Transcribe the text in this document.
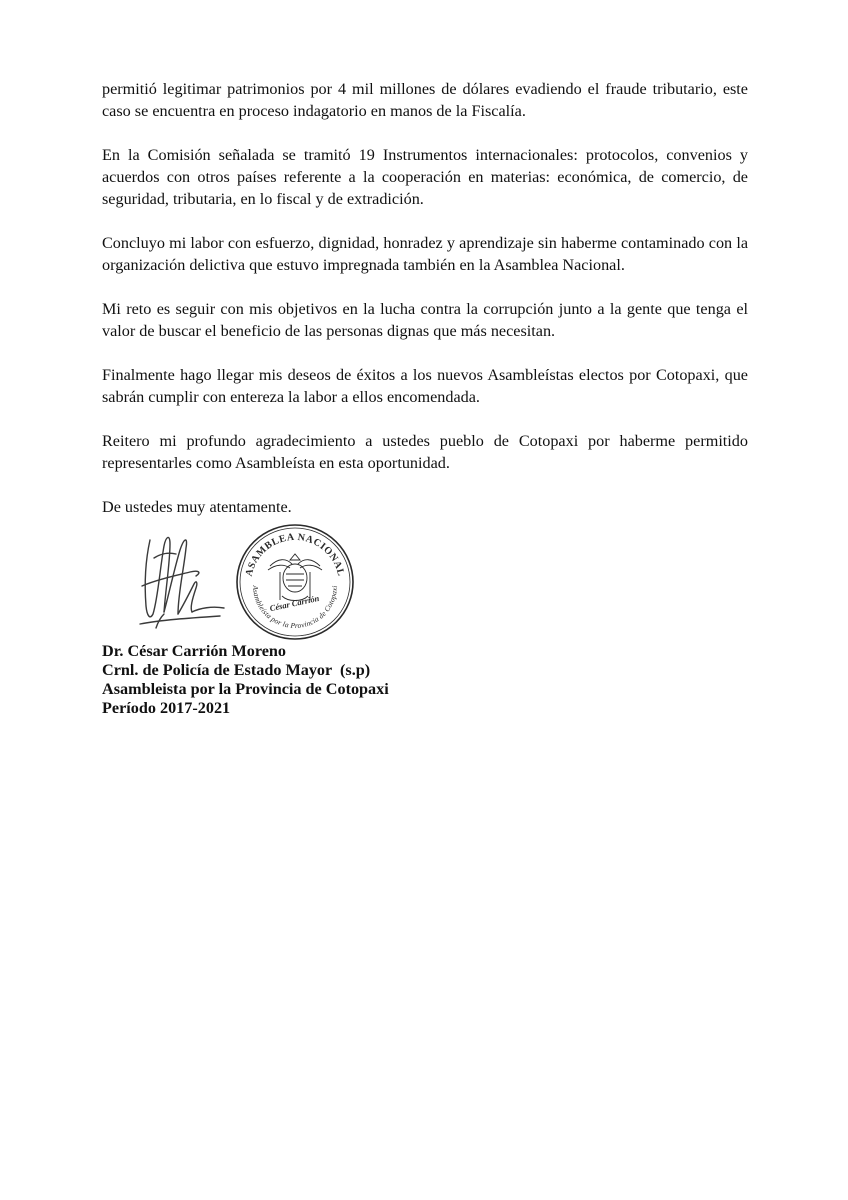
permitió legitimar patrimonios por 4 mil millones de dólares evadiendo el fraude tributario, este caso se encuentra en proceso indagatorio en manos de la Fiscalía.

En la Comisión señalada se tramitó 19 Instrumentos internacionales: protocolos, convenios y acuerdos con otros países referente a la cooperación en materias: económica, de comercio, de seguridad, tributaria, en lo fiscal y de extradición.

Concluyo mi labor con esfuerzo, dignidad, honradez y aprendizaje sin haberme contaminado con la organización delictiva que estuvo impregnada también en la Asamblea Nacional.

Mi reto es seguir con mis objetivos en la lucha contra la corrupción junto a la gente que tenga el valor de buscar el beneficio de las personas dignas que más necesitan.

Finalmente hago llegar mis deseos de éxitos a los nuevos Asambleístas electos por Cotopaxi, que sabrán cumplir con entereza la labor a ellos encomendada.

Reitero mi profundo agradecimiento a ustedes pueblo de Cotopaxi por haberme permitido representarles como Asambleísta en esta oportunidad.

De ustedes muy atentamente.

ASAMBLEA NACIONAL
Asambleísta por la Provincia de Cotopaxi
César Carrión

Dr. César Carrión Moreno

Crnl. de Policía de Estado Mayor  (s.p)

Asambleista por la Provincia de Cotopaxi

Período 2017-2021
